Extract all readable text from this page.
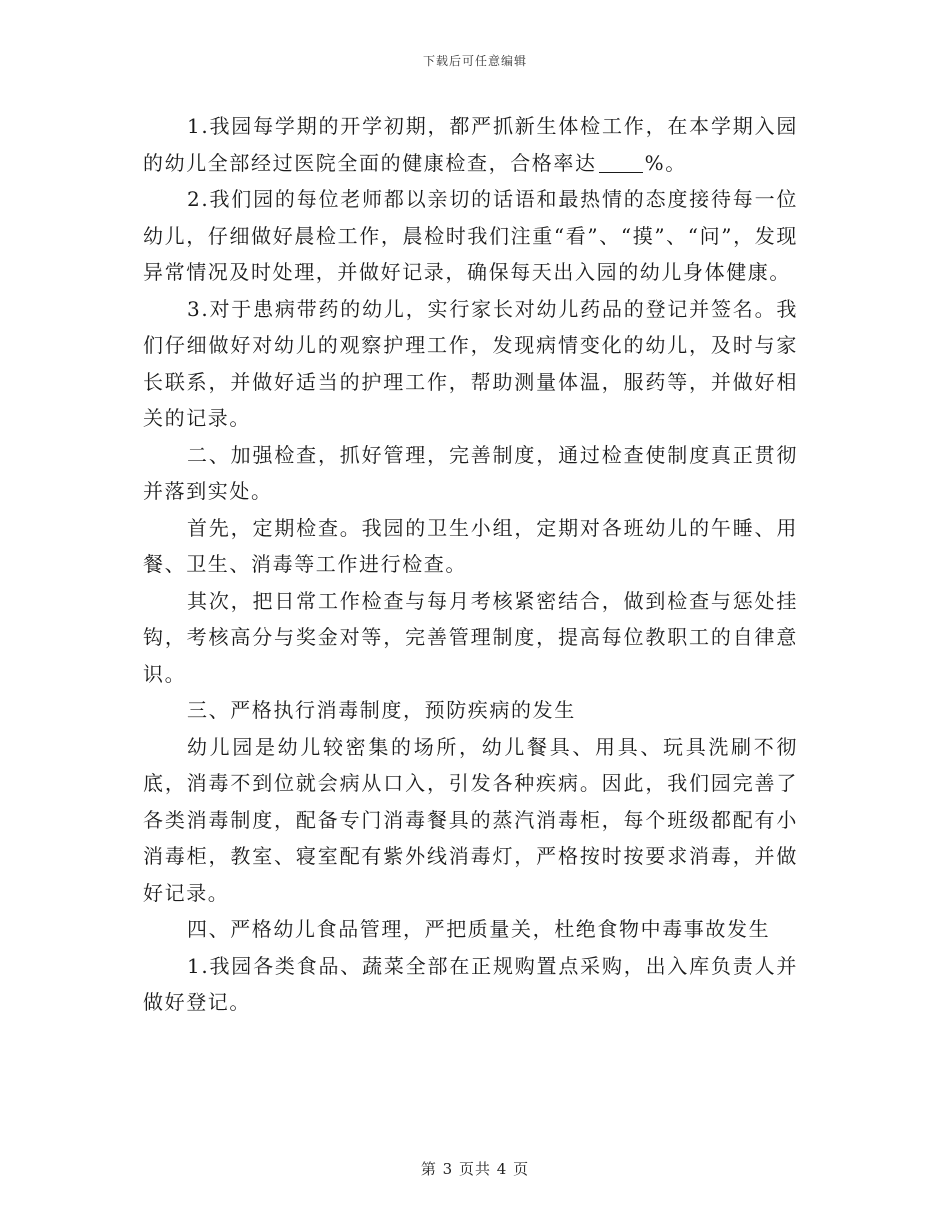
下载后可任意编辑

1.我园每学期的开学初期，都严抓新生体检工作，在本学期入园的幼儿全部经过医院全面的健康检查，合格率达 %。

2.我们园的每位老师都以亲切的话语和最热情的态度接待每一位幼儿，仔细做好晨检工作，晨检时我们注重“看”、“摸”、“问”，发现异常情况及时处理，并做好记录，确保每天出入园的幼儿身体健康。

3.对于患病带药的幼儿，实行家长对幼儿药品的登记并签名。我们仔细做好对幼儿的观察护理工作，发现病情变化的幼儿，及时与家长联系，并做好适当的护理工作，帮助测量体温，服药等，并做好相关的记录。

二、加强检查，抓好管理，完善制度，通过检查使制度真正贯彻并落到实处。

首先，定期检查。我园的卫生小组，定期对各班幼儿的午睡、用餐、卫生、消毒等工作进行检查。

其次，把日常工作检查与每月考核紧密结合，做到检查与惩处挂钩，考核高分与奖金对等，完善管理制度，提高每位教职工的自律意识。

三、严格执行消毒制度，预防疾病的发生

幼儿园是幼儿较密集的场所，幼儿餐具、用具、玩具洗刷不彻底，消毒不到位就会病从口入，引发各种疾病。因此，我们园完善了各类消毒制度，配备专门消毒餐具的蒸汽消毒柜，每个班级都配有小消毒柜，教室、寝室配有紫外线消毒灯，严格按时按要求消毒，并做好记录。

四、严格幼儿食品管理，严把质量关，杜绝食物中毒事故发生

1.我园各类食品、蔬菜全部在正规购置点采购，出入库负责人并做好登记。

第 3 页共 4 页
